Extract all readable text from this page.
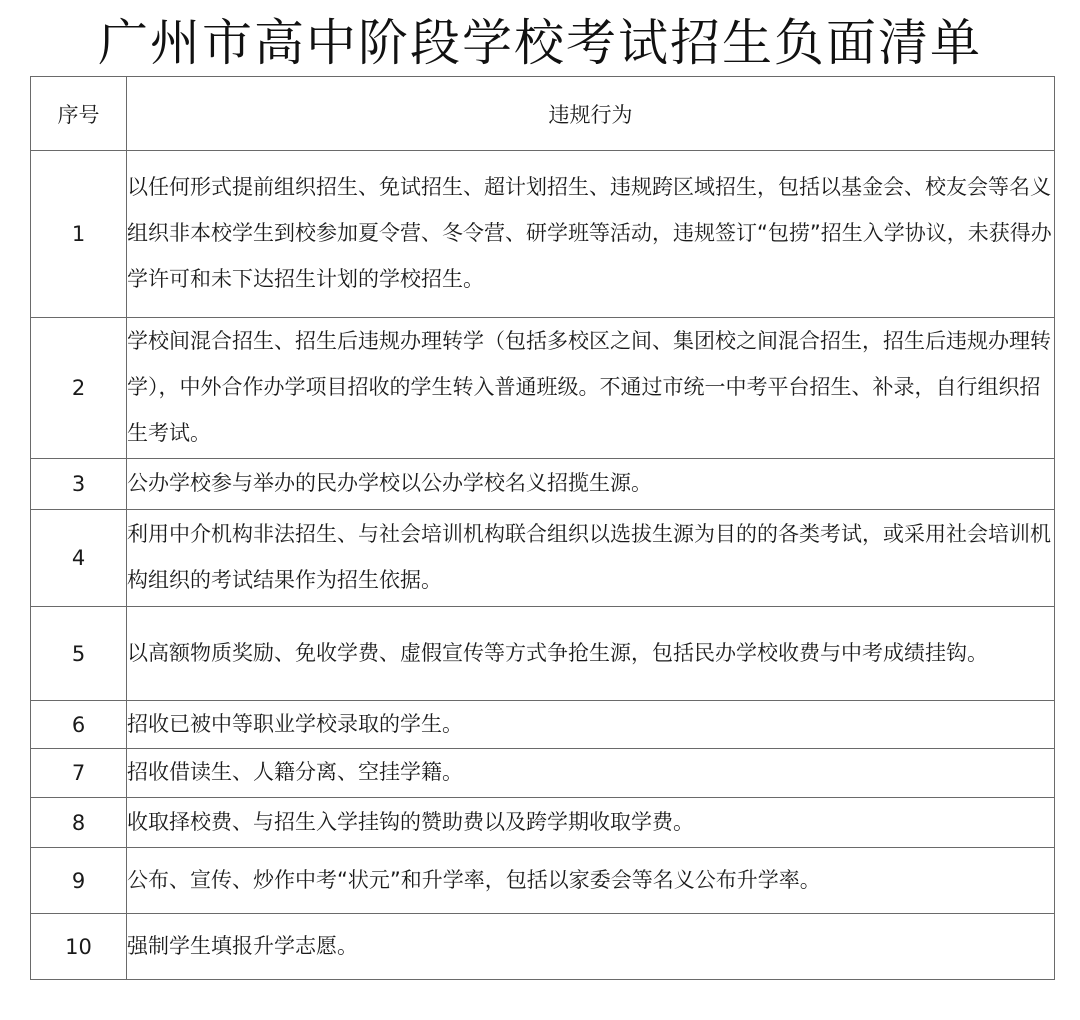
广州市高中阶段学校考试招生负面清单
序号	违规行为
1	以任何形式提前组织招生、免试招生、超计划招生、违规跨区域招生，包括以基金会、校友会等名义组织非本校学生到校参加夏令营、冬令营、研学班等活动，违规签订“包捞”招生入学协议，未获得办学许可和未下达招生计划的学校招生。

2	学校间混合招生、招生后违规办理转学（包括多校区之间、集团校之间混合招生，招生后违规办理转学），中外合作办学项目招收的学生转入普通班级。不通过市统一中考平台招生、补录，自行组织招生考试。

3	公办学校参与举办的民办学校以公办学校名义招揽生源。

4	利用中介机构非法招生、与社会培训机构联合组织以选拔生源为目的的各类考试，或采用社会培训机构组织的考试结果作为招生依据。

5	以高额物质奖励、免收学费、虚假宣传等方式争抢生源，包括民办学校收费与中考成绩挂钩。

6	招收已被中等职业学校录取的学生。

7	招收借读生、人籍分离、空挂学籍。

8	收取择校费、与招生入学挂钩的赞助费以及跨学期收取学费。

9	公布、宣传、炒作中考“状元”和升学率，包括以家委会等名义公布升学率。

10	强制学生填报升学志愿。
